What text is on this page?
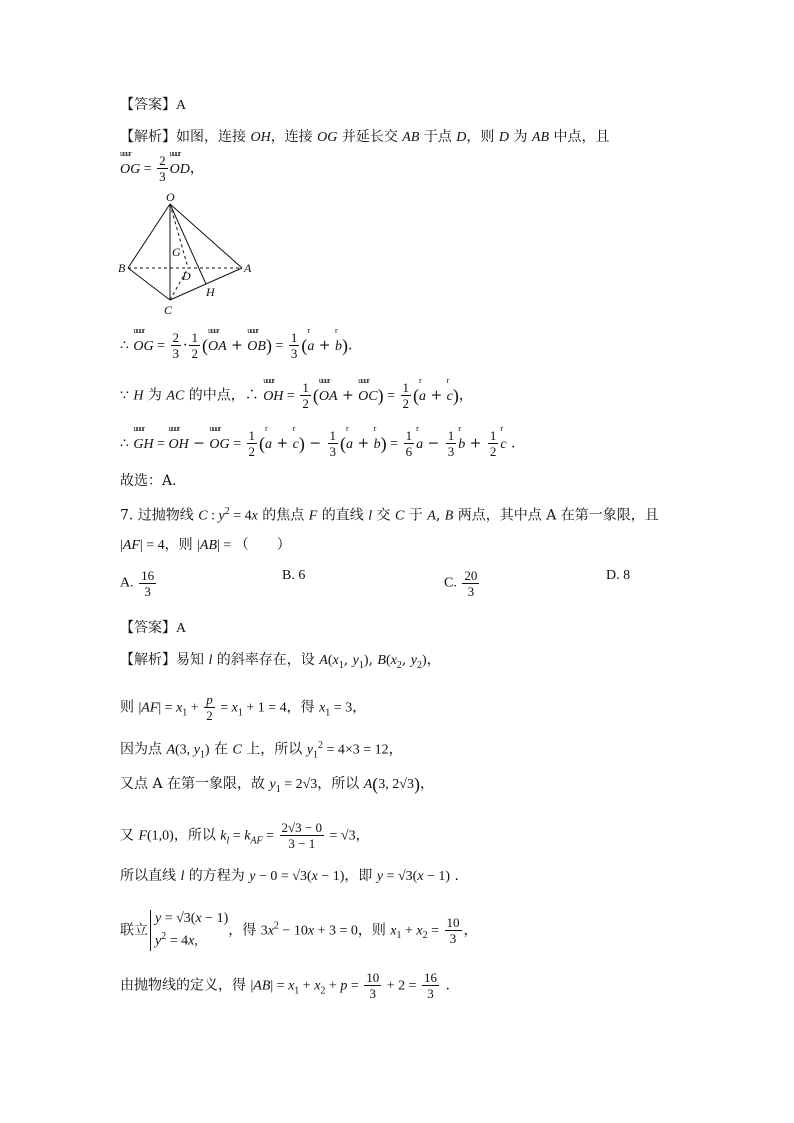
【答案】A
【解析】如图，连接 OH，连接 OG 并延长交 AB 于点 D，则 D 为 AB 中点，且
OG
uuur
= $\frac{2}{3}$ OD
uuur
，
O
G
D
H
B	A
C
∴ OG
uuur
= $\frac{2}{3} \cdot \frac{1}{2} (OA$
uuur
+ OB
uuur
) = $\frac{1}{3} (a$
r
+ b
r
).
∵ H 为 AC 的中点，∴ OH
uuur
= $\frac{1}{2} (OA$
uuur
+ OC
uuur
) = $\frac{1}{2} (a$
r
+ c
r
)，
∴ GH
uuur
= OH
uuur
− OG
uuur
= $\frac{1}{2} (a$
r
+ c
r
) − $\frac{1}{3} (a$
r
+ b
r
) = $\frac{1}{6}$ a
r
− $\frac{1}{3}$ b
r
+ $\frac{1}{2}$ c
r
.
故选：A.
7. 过抛物线 C : $y^2 = 4x$ 的焦点 F 的直线 l 交 C 于 A, B 两点，其中点 A 在第一象限，且
|AF| = 4，则 |AB| = （　　）
A. $\frac{16}{3}$	B. 6
C. $\frac{20}{3}$	D. 8
【答案】A
【解析】易知 l 的斜率存在，设 $A(x_1$, $y_1$), $B(x_2$, $y_2$)，
则 $|AF| = x_1 + \frac{p}{2} = x_1 + 1 = 4$，得 $x_1 = 3$，
因为点 A(3, $y_1$) 在 C 上，所以 $y_1^2 = 4\times 3 = 12$，
又点 A 在第一象限，故 $y_1 = 2√3$，所以 A(3, 2√3)，
又 F(1,0)，所以 $k_l = k_{AF} = \frac{2√3 - 0}{3 - 1} = √3$，
所以直线 l 的方程为 y − 0 = √3(x − 1)，即 y = √3(x − 1) .
联立
y = √3(x − 1)
$y^2 = 4x$,
，得 $3x^2 - 10x + 3 = 0$，则 $x_1 + x_2 = \frac{10}{3}$ ，
由抛物线的定义，得 $|AB| = x_1 + x_2 + p = \frac{10}{3} + 2 = \frac{16}{3}$ .
